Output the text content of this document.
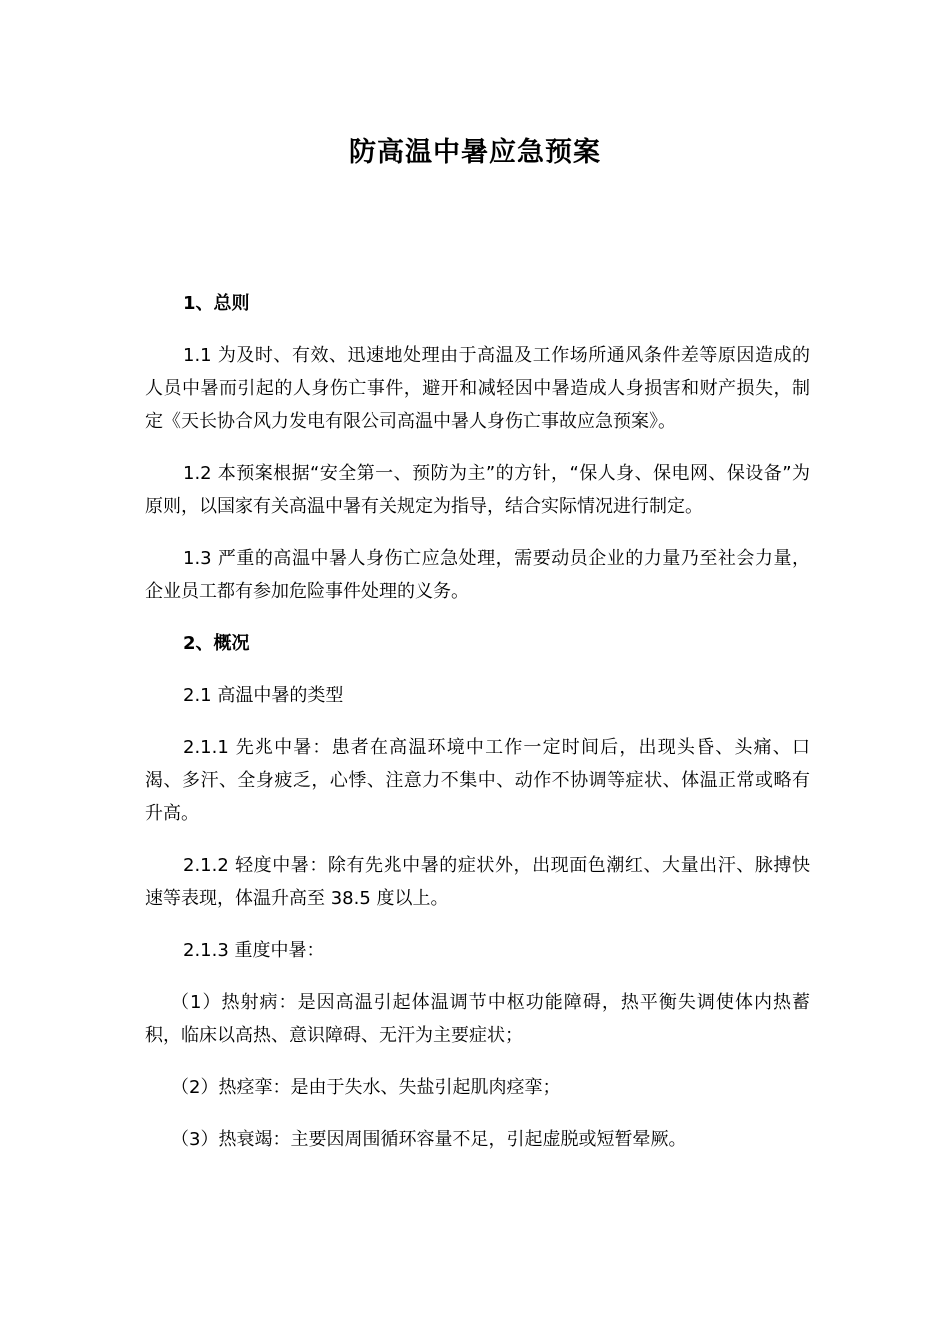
防高温中暑应急预案

1、总则

1.1 为及时、有效、迅速地处理由于高温及工作场所通风条件差等原因造成的人员中暑而引起的人身伤亡事件，避开和减轻因中暑造成人身损害和财产损失，制定《天长协合风力发电有限公司高温中暑人身伤亡事故应急预案》。

1.2 本预案根据“安全第一、预防为主”的方针，“保人身、保电网、保设备”为原则，以国家有关高温中暑有关规定为指导，结合实际情况进行制定。

1.3 严重的高温中暑人身伤亡应急处理，需要动员企业的力量乃至社会力量，企业员工都有参加危险事件处理的义务。

2、概况

2.1 高温中暑的类型

2.1.1 先兆中暑：患者在高温环境中工作一定时间后，出现头昏、头痛、口渴、多汗、全身疲乏，心悸、注意力不集中、动作不协调等症状、体温正常或略有升高。

2.1.2 轻度中暑：除有先兆中暑的症状外，出现面色潮红、大量出汗、脉搏快速等表现，体温升高至 38.5 度以上。

2.1.3 重度中暑：

（1）热射病：是因高温引起体温调节中枢功能障碍，热平衡失调使体内热蓄积，临床以高热、意识障碍、无汗为主要症状；

（2）热痉挛：是由于失水、失盐引起肌肉痉挛；

（3）热衰竭：主要因周围循环容量不足，引起虚脱或短暂晕厥。
